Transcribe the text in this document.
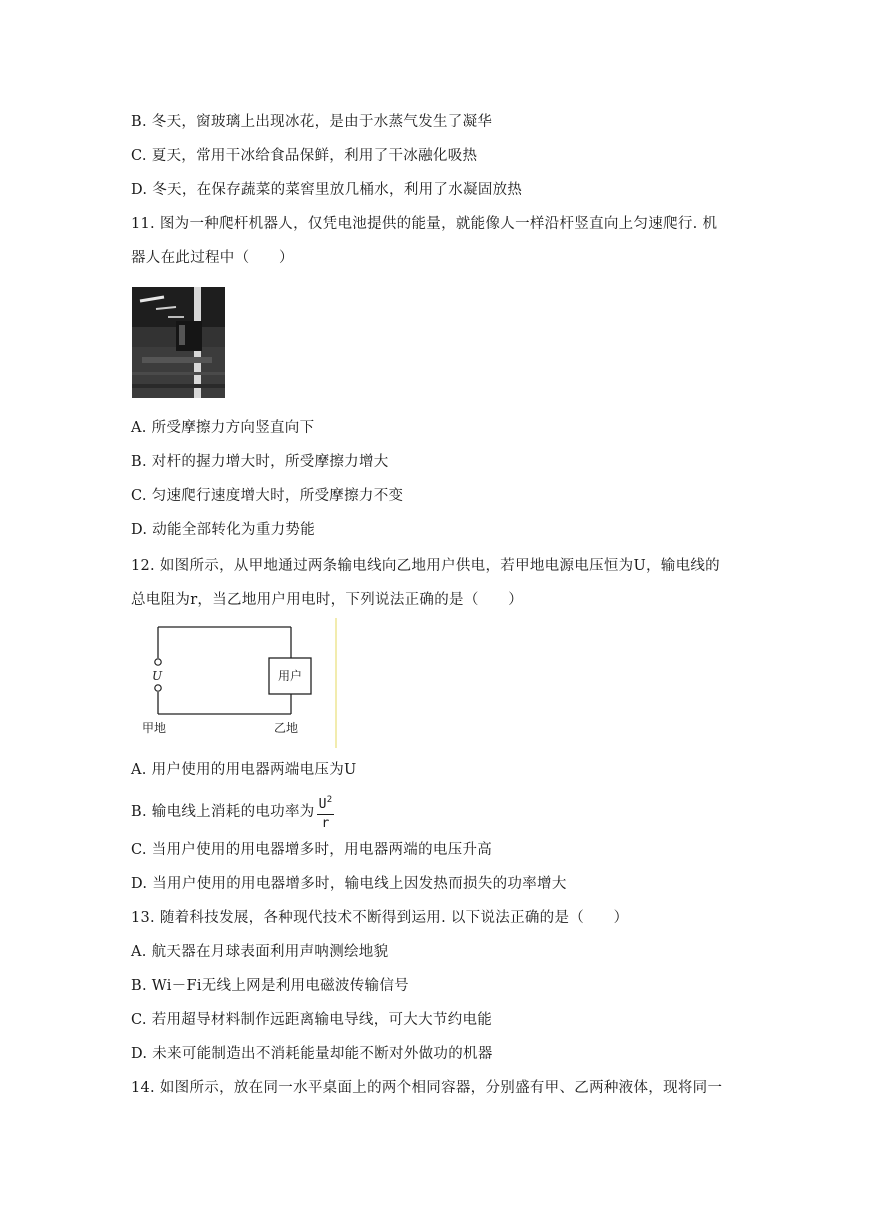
B. 冬天，窗玻璃上出现冰花，是由于水蒸气发生了凝华
C. 夏天，常用干冰给食品保鲜，利用了干冰融化吸热
D. 冬天，在保存蔬菜的菜窖里放几桶水，利用了水凝固放热
11. 图为一种爬杆机器人，仅凭电池提供的能量，就能像人一样沿杆竖直向上匀速爬行. 机
器人在此过程中（　　）
A. 所受摩擦力方向竖直向下
B. 对杆的握力增大时，所受摩擦力增大
C. 匀速爬行速度增大时，所受摩擦力不变
D. 动能全部转化为重力势能
12. 如图所示，从甲地通过两条输电线向乙地用户供电，若甲地电源电压恒为U，输电线的
总电阻为r，当乙地用户用电时，下列说法正确的是（　　）
U	用户
甲地	乙地
A. 用户使用的用电器两端电压为U
B. 输电线上消耗的电功率为 $\frac{U^2}{r}$
C. 当用户使用的用电器增多时，用电器两端的电压升高
D. 当用户使用的用电器增多时，输电线上因发热而损失的功率增大
13. 随着科技发展，各种现代技术不断得到运用. 以下说法正确的是（　　）
A. 航天器在月球表面利用声呐测绘地貌
B. Wi－Fi无线上网是利用电磁波传输信号
C. 若用超导材料制作远距离输电导线，可大大节约电能
D. 未来可能制造出不消耗能量却能不断对外做功的机器
14. 如图所示，放在同一水平桌面上的两个相同容器，分别盛有甲、乙两种液体，现将同一
